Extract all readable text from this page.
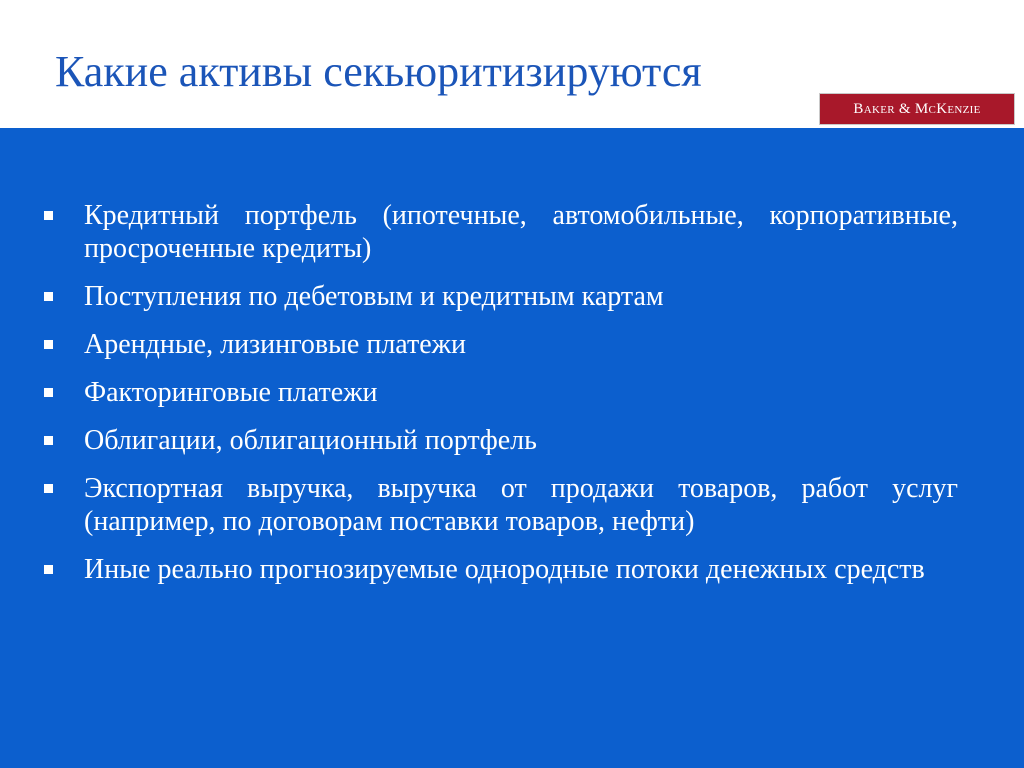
Какие активы секьюритизируются
Baker & McKenzie
Кредитный портфель (ипотечные, автомобильные, корпоративные, просроченные кредиты)
Поступления по дебетовым и кредитным картам
Арендные, лизинговые платежи
Факторинговые платежи
Облигации, облигационный портфель
Экспортная выручка, выручка от продажи товаров, работ услуг (например, по договорам поставки товаров, нефти)
Иные реально прогнозируемые однородные потоки денежных средств
